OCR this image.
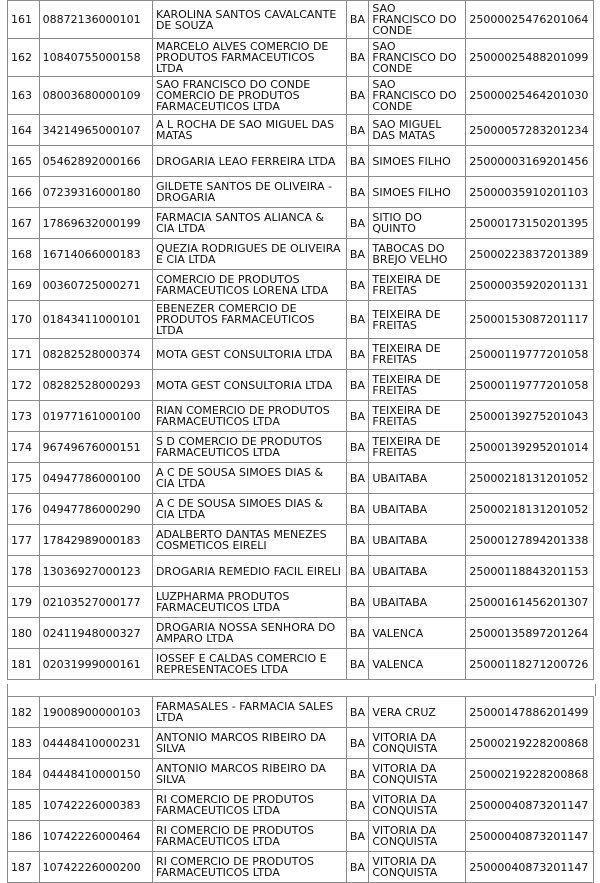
161	08872136000101	KAROLINA SANTOS CAVALCANTE DE SOUZA	BA	SAO FRANCISCO DO CONDE	25000025476201064
162	10840755000158	MARCELO ALVES COMERCIO DE PRODUTOS FARMACEUTICOS LTDA	BA	SAO FRANCISCO DO CONDE	25000025488201099
163	08003680000109	SAO FRANCISCO DO CONDE COMERCIO DE PRODUTOS FARMACEUTICOS LTDA	BA	SAO FRANCISCO DO CONDE	25000025464201030
164	34214965000107	A L ROCHA DE SAO MIGUEL DAS MATAS	BA	SAO MIGUEL DAS MATAS	25000057283201234
165	05462892000166	DROGARIA LEAO FERREIRA LTDA	BA	SIMOES FILHO	25000003169201456
166	07239316000180	GILDETE SANTOS DE OLIVEIRA - DROGARIA	BA	SIMOES FILHO	25000035910201103
167	17869632000199	FARMACIA SANTOS ALIANCA & CIA LTDA	BA	SITIO DO QUINTO	25000173150201395
168	16714066000183	QUEZIA RODRIGUES DE OLIVEIRA E CIA LTDA	BA	TABOCAS DO BREJO VELHO	25000223837201389
169	00360725000271	COMERCIO DE PRODUTOS FARMACEUTICOS LORENA LTDA	BA	TEIXEIRA DE FREITAS	25000035920201131
170	01843411000101	EBENEZER COMERCIO DE PRODUTOS FARMACEUTICOS LTDA	BA	TEIXEIRA DE FREITAS	25000153087201117
171	08282528000374	MOTA GEST CONSULTORIA LTDA	BA	TEIXEIRA DE FREITAS	25000119777201058
172	08282528000293	MOTA GEST CONSULTORIA LTDA	BA	TEIXEIRA DE FREITAS	25000119777201058
173	01977161000100	RIAN COMERCIO DE PRODUTOS FARMACEUTICOS LTDA	BA	TEIXEIRA DE FREITAS	25000139275201043
174	96749676000151	S D COMERCIO DE PRODUTOS FARMACEUTICOS LTDA	BA	TEIXEIRA DE FREITAS	25000139295201014
175	04947786000100	A C DE SOUSA SIMOES DIAS & CIA LTDA	BA	UBAITABA	25000218131201052
176	04947786000290	A C DE SOUSA SIMOES DIAS & CIA LTDA	BA	UBAITABA	25000218131201052
177	17842989000183	ADALBERTO DANTAS MENEZES COSMETICOS EIRELI	BA	UBAITABA	25000127894201338
178	13036927000123	DROGARIA REMEDIO FACIL EIRELI	BA	UBAITABA	25000118843201153
179	02103527000177	LUZPHARMA PRODUTOS FARMACEUTICOS LTDA	BA	UBAITABA	25000161456201307
180	02411948000327	DROGARIA NOSSA SENHORA DO AMPARO LTDA	BA	VALENCA	25000135897201264
181	02031999000161	IOSSEF E CALDAS COMERCIO E REPRESENTACOES LTDA	BA	VALENCA	25000118271200726
182	19008900000103	FARMASALES - FARMACIA SALES LTDA	BA	VERA CRUZ	25000147886201499
183	04448410000231	ANTONIO MARCOS RIBEIRO DA SILVA	BA	VITORIA DA CONQUISTA	25000219228200868
184	04448410000150	ANTONIO MARCOS RIBEIRO DA SILVA	BA	VITORIA DA CONQUISTA	25000219228200868
185	10742226000383	RI COMERCIO DE PRODUTOS FARMACEUTICOS LTDA	BA	VITORIA DA CONQUISTA	25000040873201147
186	10742226000464	RI COMERCIO DE PRODUTOS FARMACEUTICOS LTDA	BA	VITORIA DA CONQUISTA	25000040873201147
187	10742226000200	RI COMERCIO DE PRODUTOS FARMACEUTICOS LTDA	BA	VITORIA DA CONQUISTA	25000040873201147
